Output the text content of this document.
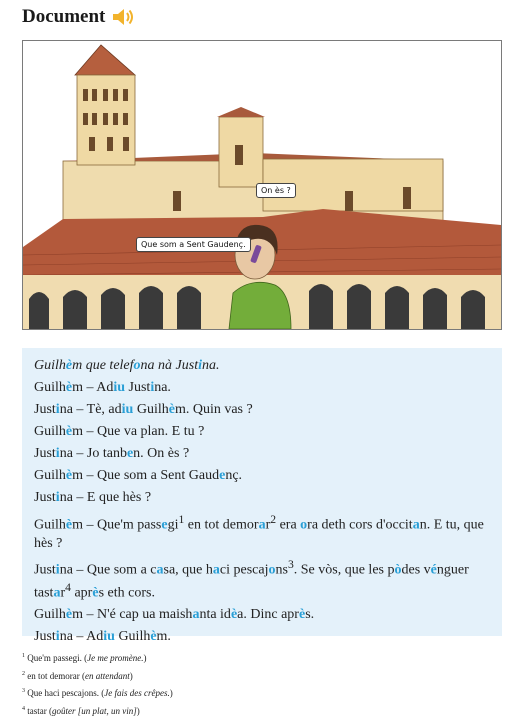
Document
Que som a Sent Gaudenç.
On ès ?

Guilhèm que telefona nà Justina.

Guilhèm – Adiu Justina.

Justina – Tè, adiu Guilhèm. Quin vas ?

Guilhèm – Que va plan. E tu ?

Justina – Jo tanben. On ès ?

Guilhèm – Que som a Sent Gaudenç.

Justina – E que hès ?

Guilhèm – Que'm passegi$^1$ en tot demorar$^2$ era ora deth cors d'occitan. E tu, que hès ?

Justina – Que som a casa, que haci pescajons$^3$. Se vòs, que les pòdes vénguer tastar$^4$ après eth cors.

Guilhèm – N'é cap ua maishanta idèa. Dinc après.

Justina – Adiu Guilhèm.

$^1$ Que'm passegi. (Je me promène.)
$^2$ en tot demorar (en attendant)
$^3$ Que haci pescajons. (Je fais des crêpes.)
$^4$ tastar (goûter [un plat, un vin])
